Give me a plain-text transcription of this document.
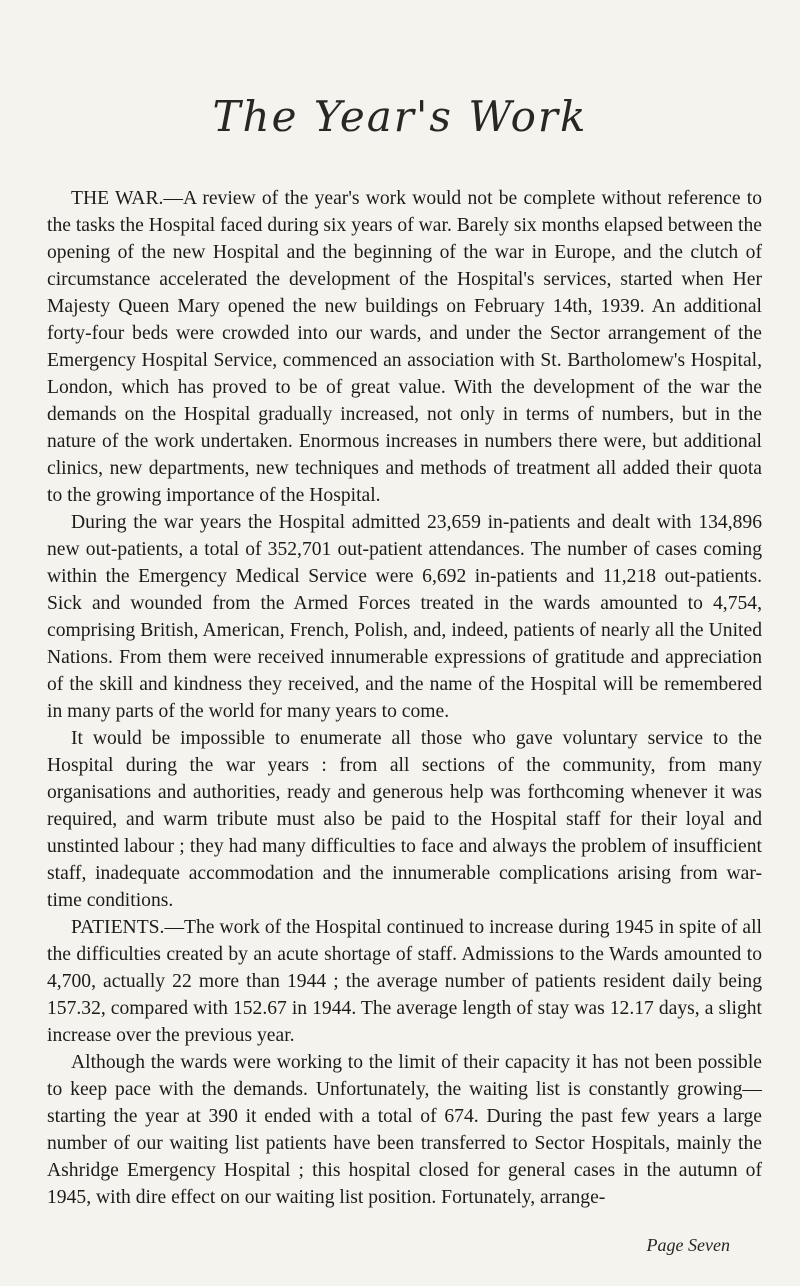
The Year's Work

THE WAR.—A review of the year's work would not be complete without reference to the tasks the Hospital faced during six years of war. Barely six months elapsed between the opening of the new Hospital and the beginning of the war in Europe, and the clutch of circumstance accelerated the development of the Hospital's services, started when Her Majesty Queen Mary opened the new buildings on February 14th, 1939. An additional forty-four beds were crowded into our wards, and under the Sector arrangement of the Emergency Hospital Service, commenced an association with St. Bartholomew's Hospital, London, which has proved to be of great value. With the development of the war the demands on the Hospital gradually increased, not only in terms of numbers, but in the nature of the work undertaken. Enormous increases in numbers there were, but additional clinics, new departments, new techniques and methods of treatment all added their quota to the growing importance of the Hospital.

During the war years the Hospital admitted 23,659 in-patients and dealt with 134,896 new out-patients, a total of 352,701 out-patient attendances. The number of cases coming within the Emergency Medical Service were 6,692 in-patients and 11,218 out-patients. Sick and wounded from the Armed Forces treated in the wards amounted to 4,754, comprising British, American, French, Polish, and, indeed, patients of nearly all the United Nations. From them were received innumerable expressions of gratitude and appreciation of the skill and kindness they received, and the name of the Hospital will be remembered in many parts of the world for many years to come.

It would be impossible to enumerate all those who gave voluntary service to the Hospital during the war years : from all sections of the community, from many organisations and authorities, ready and generous help was forthcoming whenever it was required, and warm tribute must also be paid to the Hospital staff for their loyal and unstinted labour ; they had many difficulties to face and always the problem of insufficient staff, inadequate accommodation and the innumerable complications arising from war-time conditions.

PATIENTS.—The work of the Hospital continued to increase during 1945 in spite of all the difficulties created by an acute shortage of staff. Admissions to the Wards amounted to 4,700, actually 22 more than 1944 ; the average number of patients resident daily being 157.32, compared with 152.67 in 1944. The average length of stay was 12.17 days, a slight increase over the previous year.

Although the wards were working to the limit of their capacity it has not been possible to keep pace with the demands. Unfortunately, the waiting list is constantly growing—starting the year at 390 it ended with a total of 674. During the past few years a large number of our waiting list patients have been transferred to Sector Hospitals, mainly the Ashridge Emergency Hospital ; this hospital closed for general cases in the autumn of 1945, with dire effect on our waiting list position. Fortunately, arrange-

Page Seven
